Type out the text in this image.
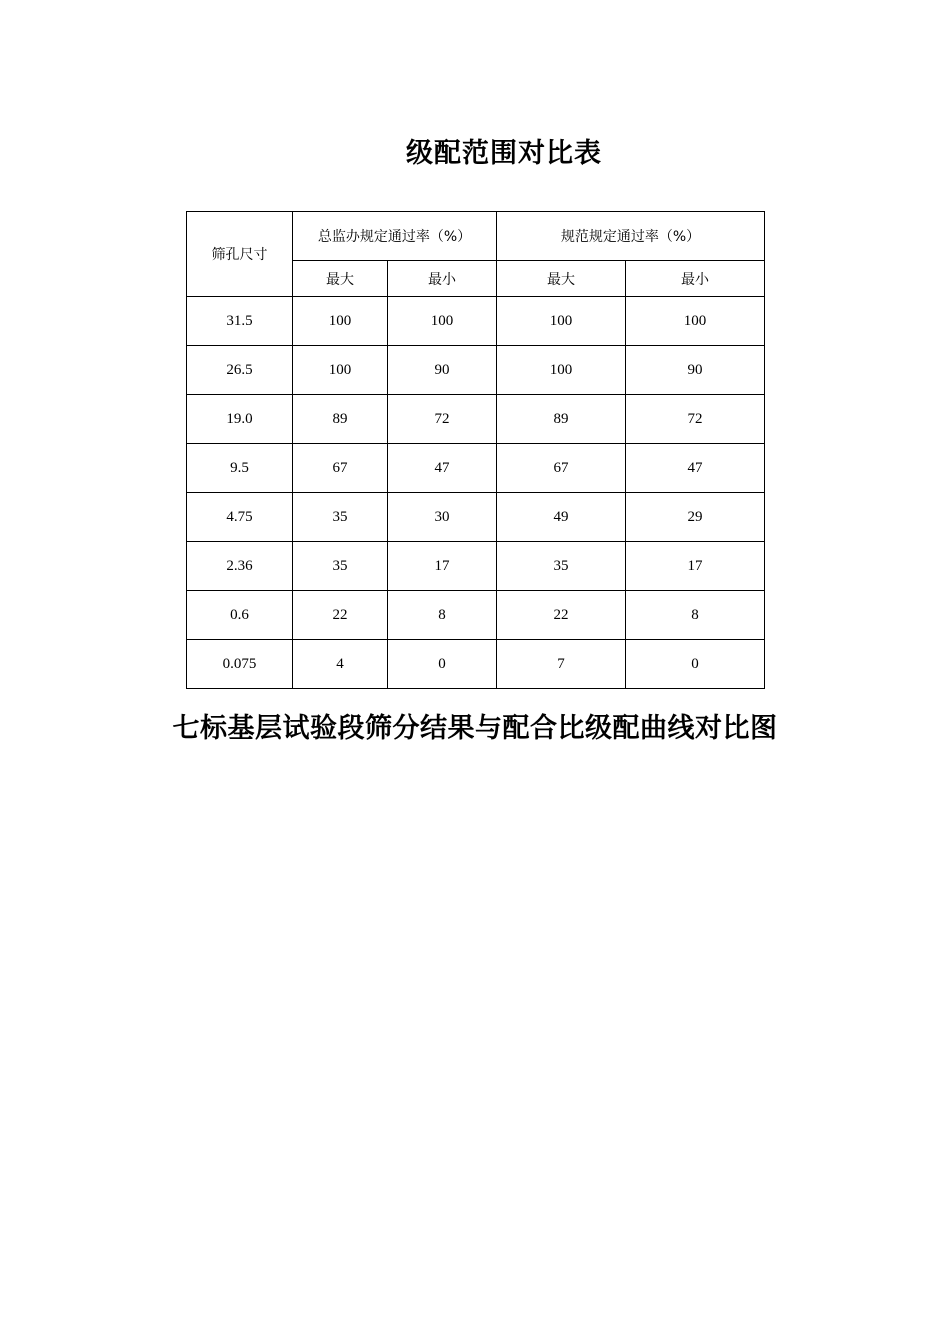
级配范围对比表
筛孔尺寸	总监办规定通过率（%）		规范规定通过率（%）	
	最大	最小	最大	最小
31.5	100	100	100	100
26.5	100	90	100	90
19.0	89	72	89	72
9.5	67	47	67	47
4.75	35	30	49	29
2.36	35	17	35	17
0.6	22	8	22	8
0.075	4	0	7	0
七标基层试验段筛分结果与配合比级配曲线对比图
